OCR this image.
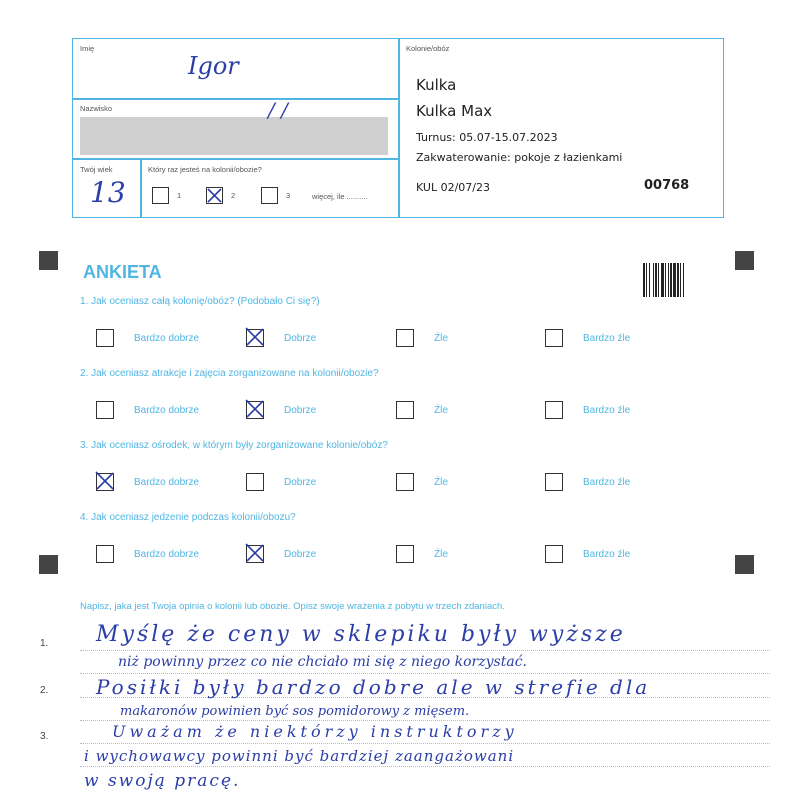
Imię
Igor
Nazwisko	/ /
Twój wiek
13
Który raz jesteś na kolonii/obozie?
1	2	3	więcej, ile ..........
Kolonie/obóz
Kulka
Kulka Max
Turnus: 05.07-15.07.2023
Zakwaterowanie: pokoje z łazienkami
KUL 02/07/23	00768
ANKIETA
1. Jak oceniasz całą kolonię/obóz? (Podobało Ci się?)
Bardzo dobrze	Dobrze	Źle	Bardzo źle
2. Jak oceniasz atrakcje i zajęcia zorganizowane na kolonii/obozie?
Bardzo dobrze	Dobrze	Źle	Bardzo źle
3. Jak oceniasz ośrodek, w którym były zorganizowane kolonie/obóz?
Bardzo dobrze	Dobrze	Źle	Bardzo źle
4. Jak oceniasz jedzenie podczas kolonii/obozu?
Bardzo dobrze	Dobrze	Źle	Bardzo źle
Napisz, jaka jest Twoja opinia o kolonii lub obozie. Opisz swoje wrażenia z pobytu w trzech zdaniach.
1.
2.
3.
Myślę że ceny w sklepiku były wyższe
niż powinny przez co nie chciało mi się z niego korzystać.
Posiłki były bardzo dobre ale w strefie dla
makaronów powinien być sos pomidorowy z mięsem.
Uważam że niektórzy instruktorzy
i wychowawcy powinni być bardziej zaangażowani
w swoją pracę.
